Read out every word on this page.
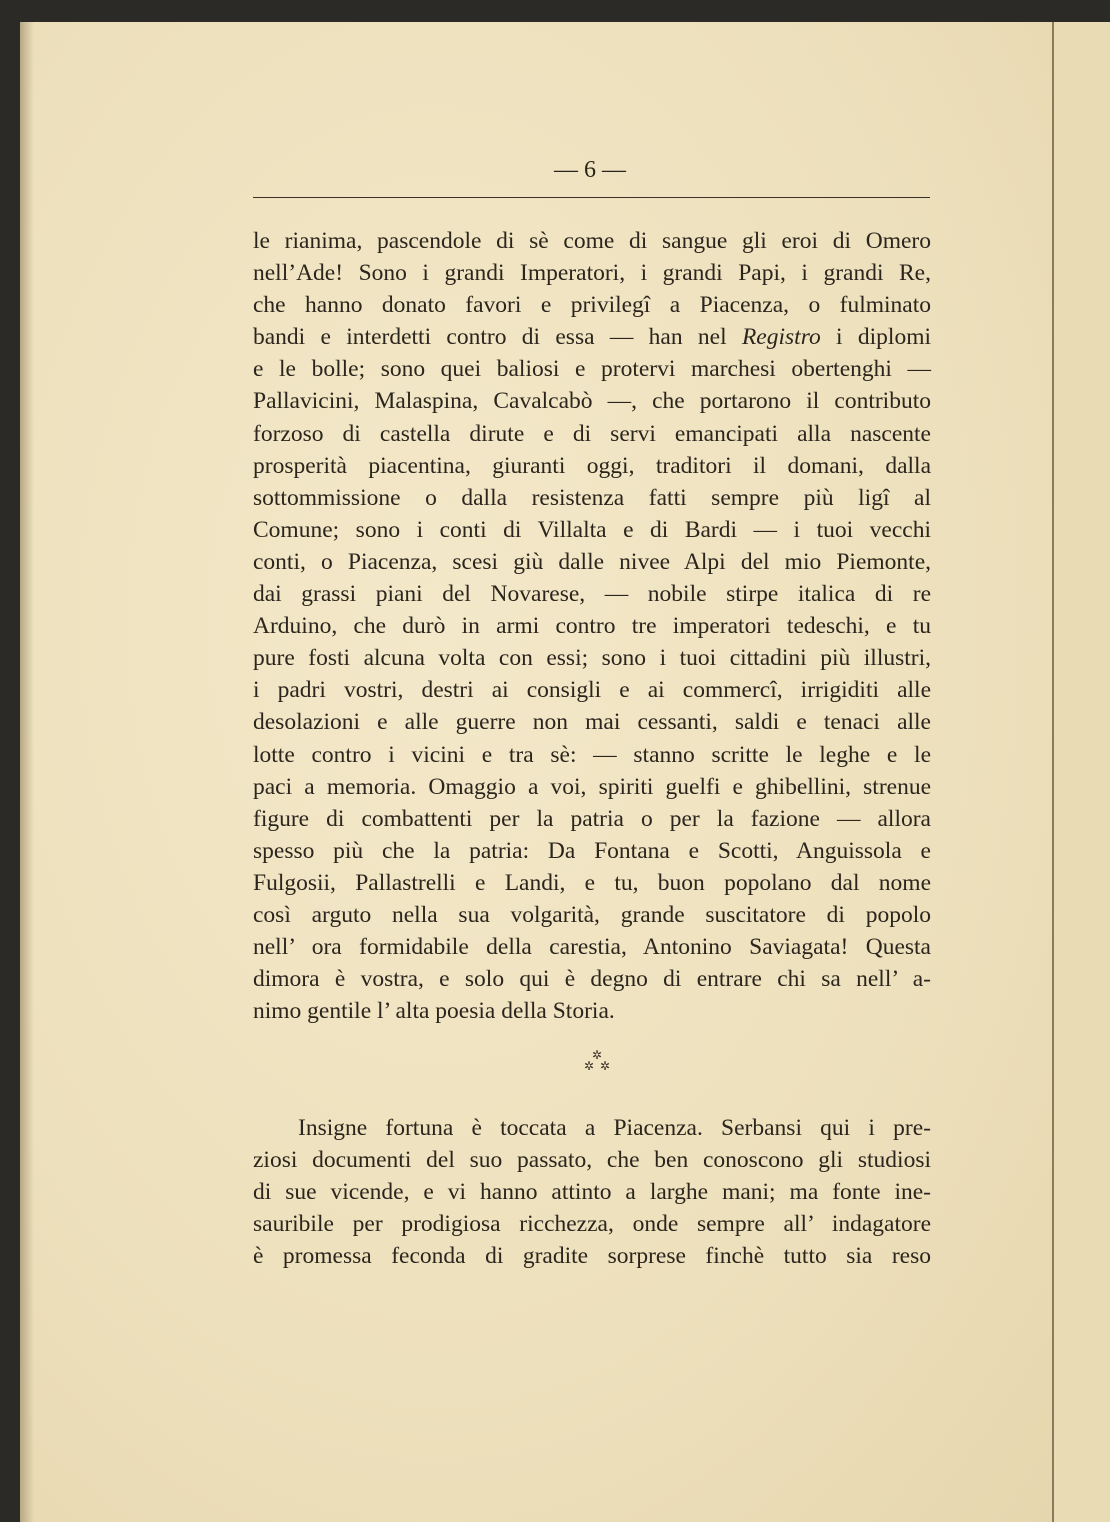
— 6 —
le rianima, pascendole di sè come di sangue gli eroi di Omero
nell’Ade! Sono i grandi Imperatori, i grandi Papi, i grandi Re,
che hanno donato favori e privilegî a Piacenza, o fulminato
bandi e interdetti contro di essa — han nel Registro i diplomi
e le bolle; sono quei baliosi e protervi marchesi obertenghi —
Pallavicini, Malaspina, Cavalcabò —, che portarono il contributo
forzoso di castella dirute e di servi emancipati alla nascente
prosperità piacentina, giuranti oggi, traditori il domani, dalla
sottommissione o dalla resistenza fatti sempre più ligî al
Comune; sono i conti di Villalta e di Bardi — i tuoi vecchi
conti, o Piacenza, scesi giù dalle nivee Alpi del mio Piemonte,
dai grassi piani del Novarese, — nobile stirpe italica di re
Arduino, che durò in armi contro tre imperatori tedeschi, e tu
pure fosti alcuna volta con essi; sono i tuoi cittadini più illustri,
i padri vostri, destri ai consigli e ai commercî, irrigiditi alle
desolazioni e alle guerre non mai cessanti, saldi e tenaci alle
lotte contro i vicini e tra sè: — stanno scritte le leghe e le
paci a memoria. Omaggio a voi, spiriti guelfi e ghibellini, strenue
figure di combattenti per la patria o per la fazione — allora
spesso più che la patria: Da Fontana e Scotti, Anguissola e
Fulgosii, Pallastrelli e Landi, e tu, buon popolano dal nome
così arguto nella sua volgarità, grande suscitatore di popolo
nell’ ora formidabile della carestia, Antonino Saviagata! Questa
dimora è vostra, e solo qui è degno di entrare chi sa nell’ a-
nimo gentile l’ alta poesia della Storia.
✲
✲  ✲
Insigne fortuna è toccata a Piacenza. Serbansi qui i pre-
ziosi documenti del suo passato, che ben conoscono gli studiosi
di sue vicende, e vi hanno attinto a larghe mani; ma fonte ine-
sauribile per prodigiosa ricchezza, onde sempre all’ indagatore
è promessa feconda di gradite sorprese finchè tutto sia reso
